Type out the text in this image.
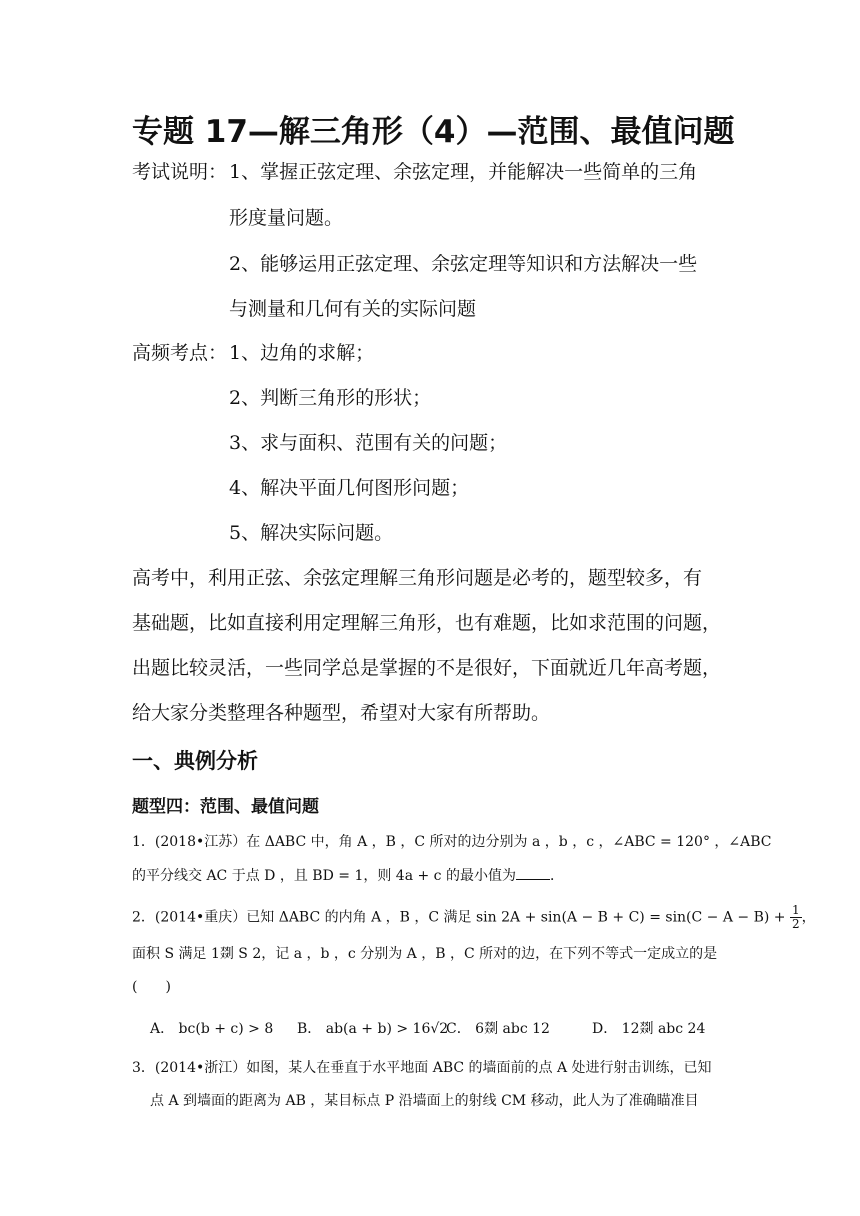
专题 17—解三角形（4）—范围、最值问题
考试说明： 1、掌握正弦定理、余弦定理，并能解决一些简单的三角
形度量问题。
2、能够运用正弦定理、余弦定理等知识和方法解决一些
与测量和几何有关的实际问题
高频考点： 1、边角的求解；
2、判断三角形的形状；
3、求与面积、范围有关的问题；
4、解决平面几何图形问题；
5、解决实际问题。
高考中，利用正弦、余弦定理解三角形问题是必考的，题型较多，有
基础题，比如直接利用定理解三角形，也有难题，比如求范围的问题，
出题比较灵活，一些同学总是掌握的不是很好，下面就近几年高考题，
给大家分类整理各种题型，希望对大家有所帮助。
一、典例分析
题型四：范围、最值问题
1．(2018•江苏）在 ΔABC 中，角 A ，B ，C 所对的边分别为 a ，b ，c ，∠ABC = 120° ，∠ABC
的平分线交 AC 于点 D ，且 BD = 1，则 4a + c 的最小值为 ．
2．(2014•重庆）已知 ΔABC 的内角 A ，B ，C 满足 $\sin 2A + \sin(A - B + C) = \sin(C - A - B) + \frac{1}{2}$ ，
面积 S 满足 1剟 S 2，记 a ，b ，c 分别为 A ，B ，C 所对的边，在下列不等式一定成立的是
(　　)
A． bc(b + c) > 8 B． ab(a + b) > 16√2
C． 6剟 abc 12	D． 12剟 abc 24
3．(2014•浙江）如图，某人在垂直于水平地面 ABC 的墙面前的点 A 处进行射击训练，已知
点 A 到墙面的距离为 AB ，某目标点 P 沿墙面上的射线 CM 移动，此人为了准确瞄准目
